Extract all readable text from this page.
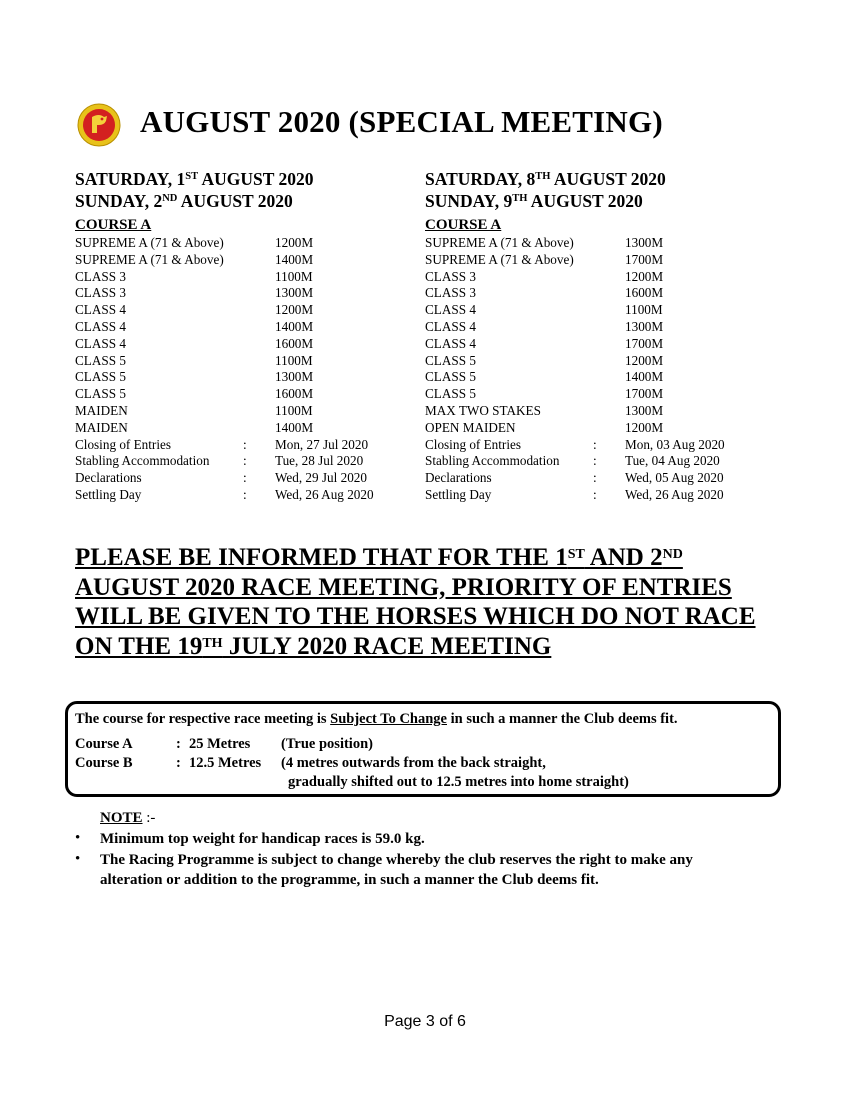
AUGUST 2020 (SPECIAL MEETING)
SATURDAY, 1ST AUGUST 2020
SUNDAY, 2ND AUGUST 2020
COURSE A
SUPREME A (71 & Above)	1200M
SUPREME A (71 & Above)	1400M
CLASS 3	1100M
CLASS 3	1300M
CLASS 4	1200M
CLASS 4	1400M
CLASS 4	1600M
CLASS 5	1100M
CLASS 5	1300M
CLASS 5	1600M
MAIDEN	1100M
MAIDEN	1400M
Closing of Entries	: Mon, 27 Jul 2020
Stabling Accommodation	: Tue, 28 Jul 2020
Declarations	: Wed, 29 Jul 2020
Settling Day	: Wed, 26 Aug 2020
SATURDAY, 8TH AUGUST 2020
SUNDAY, 9TH AUGUST 2020
COURSE A
SUPREME A (71 & Above)	1300M
SUPREME A (71 & Above)	1700M
CLASS 3	1200M
CLASS 3	1600M
CLASS 4	1100M
CLASS 4	1300M
CLASS 4	1700M
CLASS 5	1200M
CLASS 5	1400M
CLASS 5	1700M
MAX TWO STAKES	1300M
OPEN MAIDEN	1200M
Closing of Entries	: Mon, 03 Aug 2020
Stabling Accommodation	: Tue, 04 Aug 2020
Declarations	: Wed, 05 Aug 2020
Settling Day	: Wed, 26 Aug 2020
PLEASE BE INFORMED THAT FOR THE 1ST AND 2ND
AUGUST 2020 RACE MEETING, PRIORITY OF ENTRIES
WILL BE GIVEN TO THE HORSES WHICH DO NOT RACE
ON THE 19TH JULY 2020 RACE MEETING
The course for respective race meeting is Subject To Change in such a manner the Club deems fit.
Course A	: 25 Metres (True position)
Course B	: 12.5 Metres (4 metres outwards from the back straight,
gradually shifted out to 12.5 metres into home straight)
NOTE :-
• Minimum top weight for handicap races is 59.0 kg.
• The Racing Programme is subject to change whereby the club reserves the right to make any
alteration or addition to the programme, in such a manner the Club deems fit.
Page 3 of 6
